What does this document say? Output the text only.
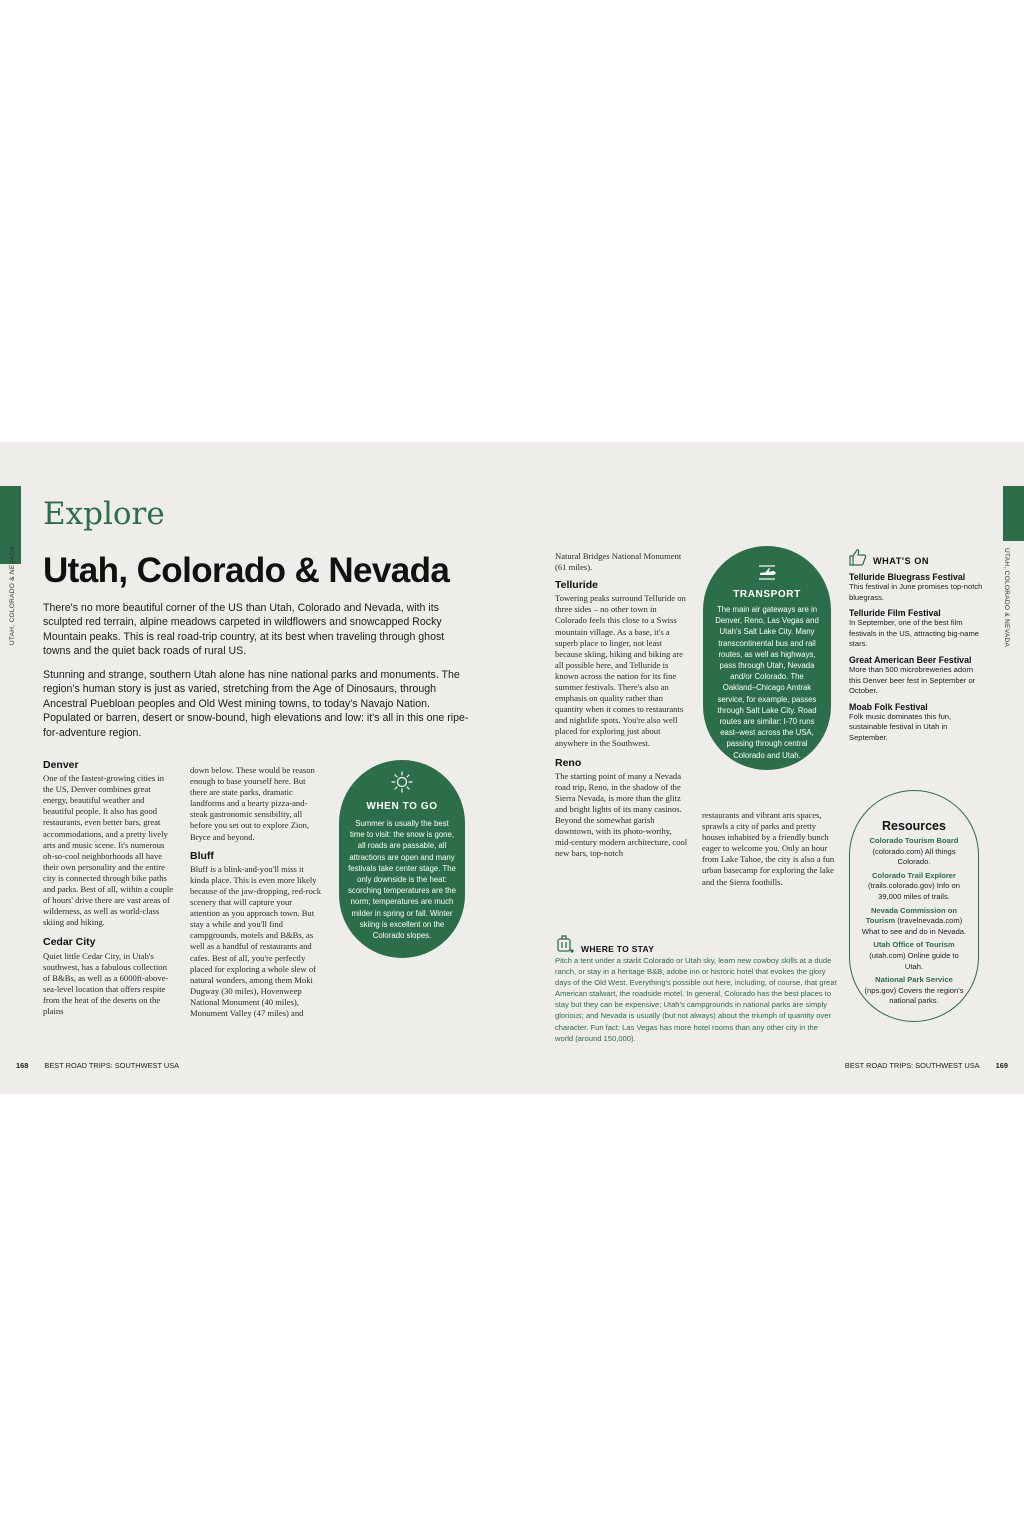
UTAH, COLORADO & NEVADA	UTAH, COLORADO & NEVADA
Explore
Utah, Colorado & Nevada

There's no more beautiful corner of the US than Utah, Colorado and Nevada, with its sculpted red terrain, alpine meadows carpeted in wildflowers and snowcapped Rocky Mountain peaks. This is real road-trip country, at its best when traveling through ghost towns and the quiet back roads of rural US.

Stunning and strange, southern Utah alone has nine national parks and monuments. The region's human story is just as varied, stretching from the Age of Dinosaurs, through Ancestral Puebloan peoples and Old West mining towns, to today's Navajo Nation. Populated or barren, desert or snow-bound, high elevations and low: it's all in this one ripe-for-adventure region.

Denver

One of the fastest-growing cities in the US, Denver combines great energy, beautiful weather and beautiful people. It also has good restaurants, even better bars, great accommodations, and a pretty lively arts and music scene. It's numerous oh-so-cool neighborhoods all have their own personality and the entire city is connected through bike paths and parks. Best of all, within a couple of hours' drive there are vast areas of wilderness, as well as world-class skiing and hiking.

Cedar City

Quiet little Cedar City, in Utah's southwest, has a fabulous collection of B&Bs, as well as a 6000ft-above-sea-level location that offers respite from the heat of the deserts on the plains

down below. These would be reason enough to base yourself here. But there are state parks, dramatic landforms and a hearty pizza-and-steak gastronomic sensibility, all before you set out to explore Zion, Bryce and beyond.

Bluff

Bluff is a blink-and-you'll miss it kinda place. This is even more likely because of the jaw-dropping, red-rock scenery that will capture your attention as you approach town. But stay a while and you'll find campgrounds, motels and B&Bs, as well as a handful of restaurants and cafes. Best of all, you're perfectly placed for exploring a whole slew of natural wonders, among them Moki Dugway (30 miles), Hovenweep National Monument (40 miles), Monument Valley (47 miles) and

WHEN TO GO
Summer is usually the best time to visit: the snow is gone, all roads are passable, all attractions are open and many festivals take center stage. The only downside is the heat: scorching temperatures are the norm; temperatures are much milder in spring or fall. Winter skiing is excellent on the Colorado slopes.

Natural Bridges National Monument (61 miles).

Telluride

Towering peaks surround Telluride on three sides – no other town in Colorado feels this close to a Swiss mountain village. As a base, it's a superb place to linger, not least because skiing, hiking and biking are all possible here, and Telluride is known across the nation for its fine summer festivals. There's also an emphasis on quality rather than quantity when it comes to restaurants and nightlife spots. You're also well placed for exploring just about anywhere in the Southwest.

Reno

The starting point of many a Nevada road trip, Reno, in the shadow of the Sierra Nevada, is more than the glitz and bright lights of its many casinos. Beyond the somewhat garish downtown, with its photo-worthy, mid-century modern architecture, cool new bars, top-notch

restaurants and vibrant arts spaces, sprawls a city of parks and pretty houses inhabited by a friendly bunch eager to welcome you. Only an hour from Lake Tahoe, the city is also a fun urban basecamp for exploring the lake and the Sierra foothills.

TRANSPORT
The main air gateways are in Denver, Reno, Las Vegas and Utah's Salt Lake City. Many transcontinental bus and rail routes, as well as highways, pass through Utah, Nevada and/or Colorado. The Oakland–Chicago Amtrak service, for example, passes through Salt Lake City. Road routes are similar: I-70 runs east–west across the USA, passing through central Colorado and Utah.
WHERE TO STAY
Pitch a tent under a starlit Colorado or Utah sky, learn new cowboy skills at a dude ranch, or stay in a heritage B&B, adobe inn or historic hotel that evokes the glory days of the Old West. Everything's possible out here, including, of course, that great American stalwart, the roadside motel. In general, Colorado has the best places to stay but they can be expensive; Utah's campgrounds in national parks are simply glorious; and Nevada is usually (but not always) about the triumph of quantity over character. Fun fact: Las Vegas has more hotel rooms than any other city in the world (around 150,000).
WHAT'S ON
Telluride Bluegrass Festival

This festival in June promises top-notch bluegrass.

Telluride Film Festival

In September, one of the best film festivals in the US, attracting big-name stars.

Great American Beer Festival

More than 500 microbreweries adorn this Denver beer fest in September or October.

Moab Folk Festival

Folk music dominates this fun, sustainable festival in Utah in September.

Resources
Colorado Tourism Board (colorado.com) All things Colorado.
Colorado Trail Explorer (trails.colorado.gov) Info on 39,000 miles of trails.
Nevada Commission on Tourism (travelnevada.com) What to see and do in Nevada.
Utah Office of Tourism (utah.com) Online guide to Utah.
National Park Service (nps.gov) Covers the region's national parks.
168 BEST ROAD TRIPS: SOUTHWEST USA	BEST ROAD TRIPS: SOUTHWEST USA 169
